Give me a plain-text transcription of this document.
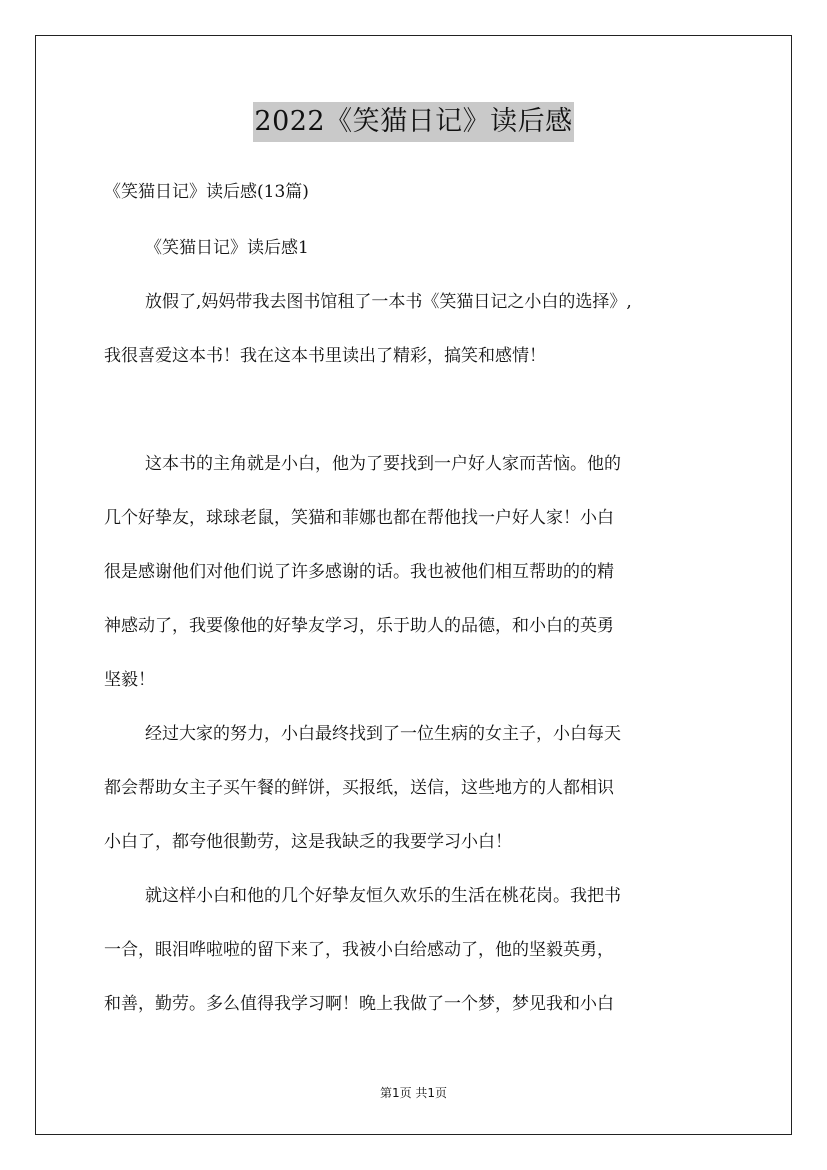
2022《笑猫日记》读后感
《笑猫日记》读后感(13篇)
《笑猫日记》读后感1
放假了,妈妈带我去图书馆租了一本书《笑猫日记之小白的选择》,
我很喜爱这本书！我在这本书里读出了精彩，搞笑和感情！
这本书的主角就是小白，他为了要找到一户好人家而苦恼。他的
几个好挚友，球球老鼠，笑猫和菲娜也都在帮他找一户好人家！小白
很是感谢他们对他们说了许多感谢的话。我也被他们相互帮助的的精
神感动了，我要像他的好挚友学习，乐于助人的品德，和小白的英勇
坚毅！
经过大家的努力，小白最终找到了一位生病的女主子，小白每天
都会帮助女主子买午餐的鲜饼，买报纸，送信，这些地方的人都相识
小白了，都夸他很勤劳，这是我缺乏的我要学习小白！
就这样小白和他的几个好挚友恒久欢乐的生活在桃花岗。我把书
一合，眼泪哗啦啦的留下来了，我被小白给感动了，他的坚毅英勇，
和善，勤劳。多么值得我学习啊！晚上我做了一个梦，梦见我和小白
第1页 共1页
